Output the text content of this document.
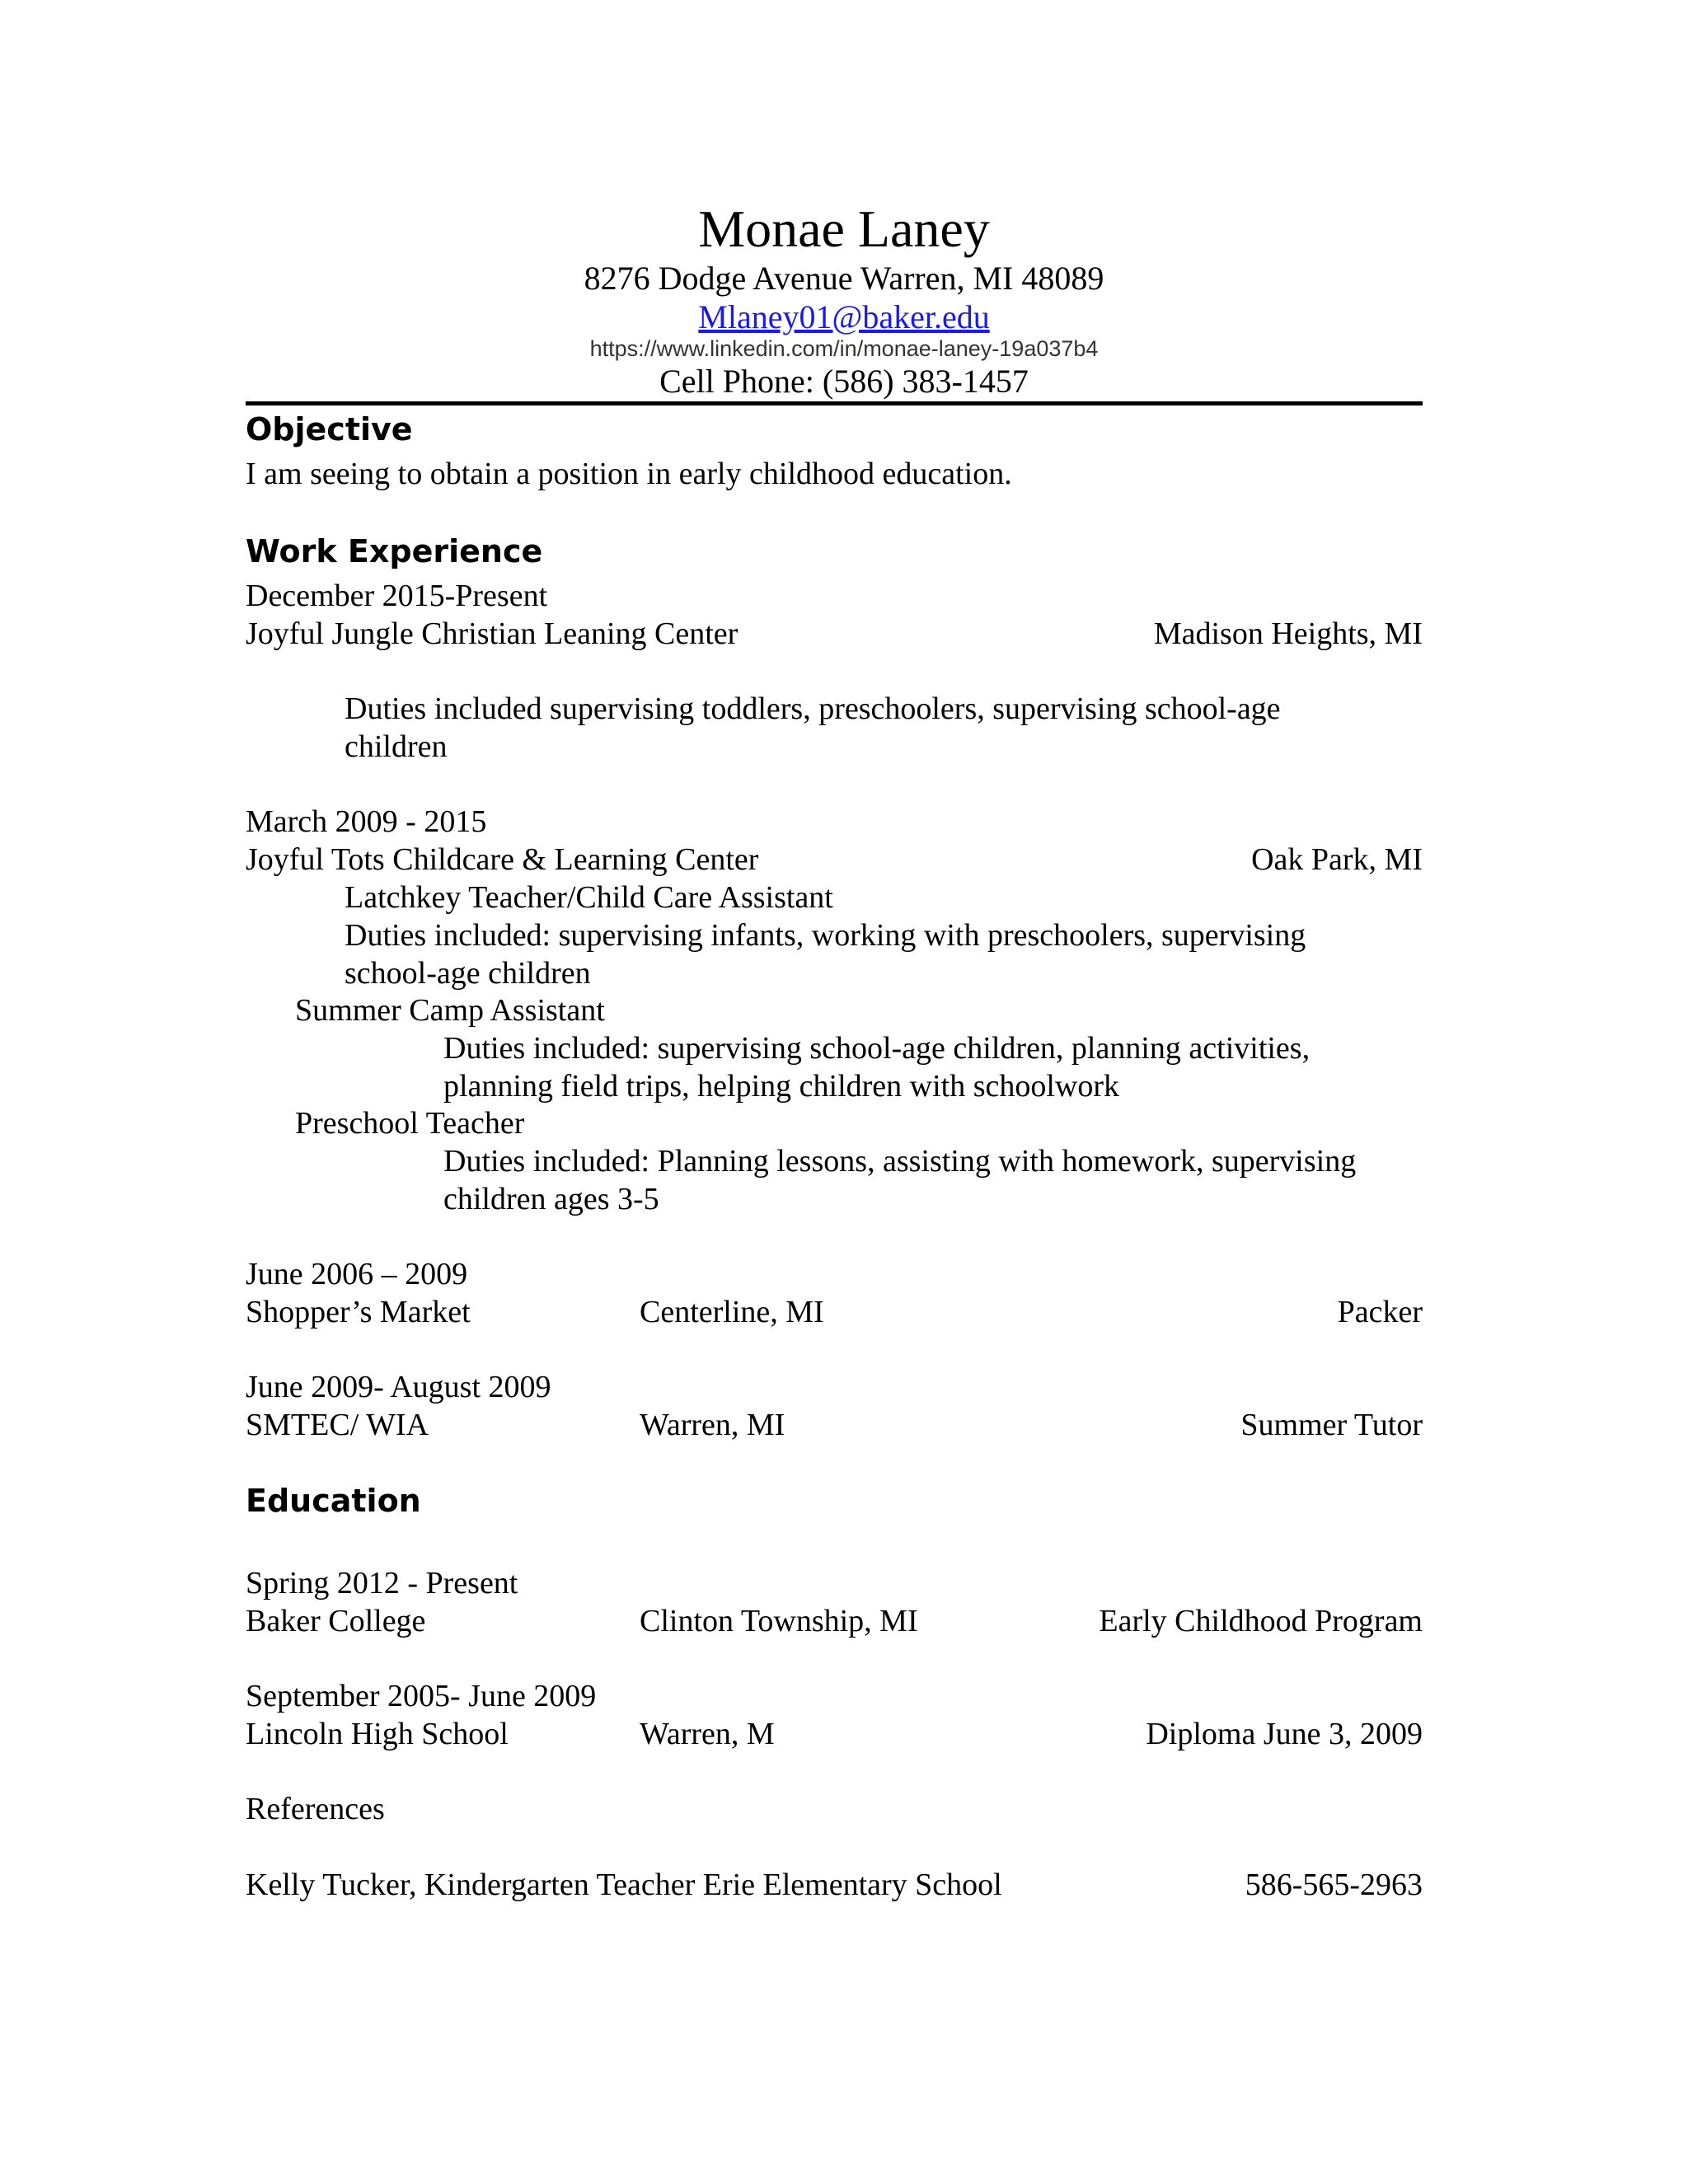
Monae Laney
8276 Dodge Avenue Warren, MI 48089
Mlaney01@baker.edu
https://www.linkedin.com/in/monae-laney-19a037b4
Cell Phone: (586) 383-1457
Objective
I am seeing to obtain a position in early childhood education.
Work Experience
December 2015-Present
Joyful Jungle Christian Leaning Center	Madison Heights, MI
Duties included supervising toddlers, preschoolers, supervising school-age
children
March 2009 - 2015
Joyful Tots Childcare & Learning Center	Oak Park, MI
Latchkey Teacher/Child Care Assistant
Duties included: supervising infants, working with preschoolers, supervising
school-age children
Summer Camp Assistant
Duties included: supervising school-age children, planning activities,
planning field trips, helping children with schoolwork
Preschool Teacher
Duties included: Planning lessons, assisting with homework, supervising
children ages 3-5
June 2006 – 2009
Shopper’s Market	Centerline, MI	Packer
June 2009- August 2009
SMTEC/ WIA	Warren, MI	Summer Tutor
Education
Spring 2012 - Present
Baker College	Clinton Township, MI	Early Childhood Program
September 2005- June 2009
Lincoln High School	Warren, M	Diploma June 3, 2009
References
Kelly Tucker, Kindergarten Teacher Erie Elementary School	586-565-2963
